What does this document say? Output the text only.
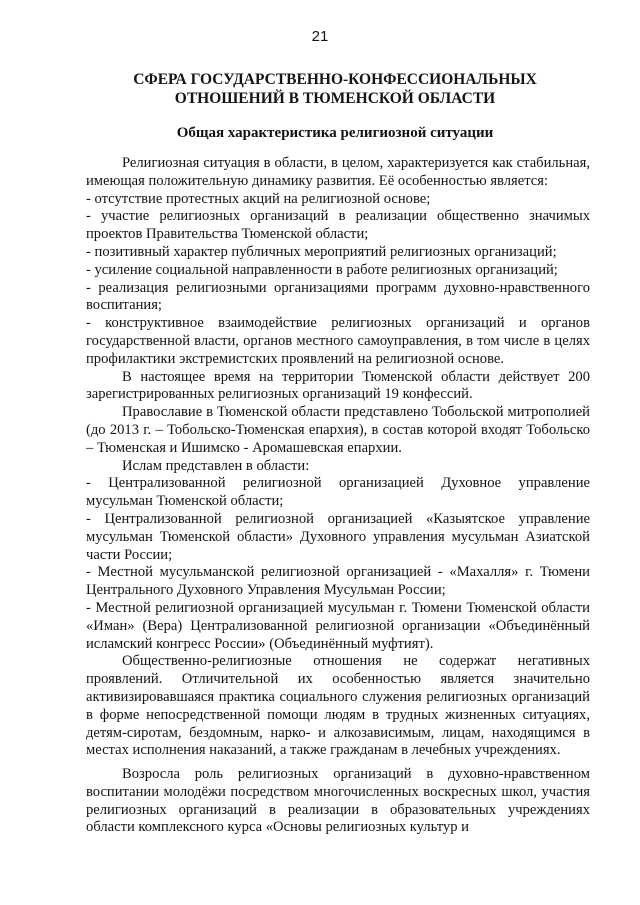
21
СФЕРА ГОСУДАРСТВЕННО-КОНФЕССИОНАЛЬНЫХ
ОТНОШЕНИЙ В ТЮМЕНСКОЙ ОБЛАСТИ
Общая характеристика религиозной ситуации

Религиозная ситуация в области, в целом, характеризуется как стабильная, имеющая положительную динамику развития. Её особенностью является:

- отсутствие протестных акций на религиозной основе;

- участие религиозных организаций в реализации общественно значимых проектов Правительства Тюменской области;

- позитивный характер публичных мероприятий религиозных организаций;

- усиление социальной направленности в работе религиозных организаций;

- реализация религиозными организациями программ духовно-нравственного воспитания;

- конструктивное взаимодействие религиозных организаций и органов государственной власти, органов местного самоуправления, в том числе в целях профилактики экстремистских проявлений на религиозной основе.

В настоящее время на территории Тюменской области действует 200 зарегистрированных религиозных организаций 19 конфессий.

Православие в Тюменской области представлено Тобольской митрополией (до 2013 г. – Тобольско-Тюменская епархия), в состав которой входят Тобольско – Тюменская и Ишимско - Аромашевская епархии.

Ислам представлен в области:

- Централизованной религиозной организацией Духовное управление мусульман Тюменской области;

- Централизованной религиозной организацией «Казыятское управление мусульман Тюменской области» Духовного управления мусульман Азиатской части России;

- Местной мусульманской религиозной организацией - «Махалля» г. Тюмени Центрального Духовного Управления Мусульман России;

- Местной религиозной организацией мусульман г. Тюмени Тюменской области «Иман» (Вера) Централизованной религиозной организации «Объединённый исламский конгресс России» (Объединённый муфтият).

Общественно-религиозные отношения не содержат негативных проявлений. Отличительной их особенностью является значительно активизировавшаяся практика социального служения религиозных организаций в форме непосредственной помощи людям в трудных жизненных ситуациях, детям-сиротам, бездомным, нарко- и алкозависимым, лицам, находящимся в местах исполнения наказаний, а также гражданам в лечебных учреждениях.

Возросла роль религиозных организаций в духовно-нравственном воспитании молодёжи посредством многочисленных воскресных школ, участия религиозных организаций в реализации в образовательных учреждениях области комплексного курса «Основы религиозных культур и
